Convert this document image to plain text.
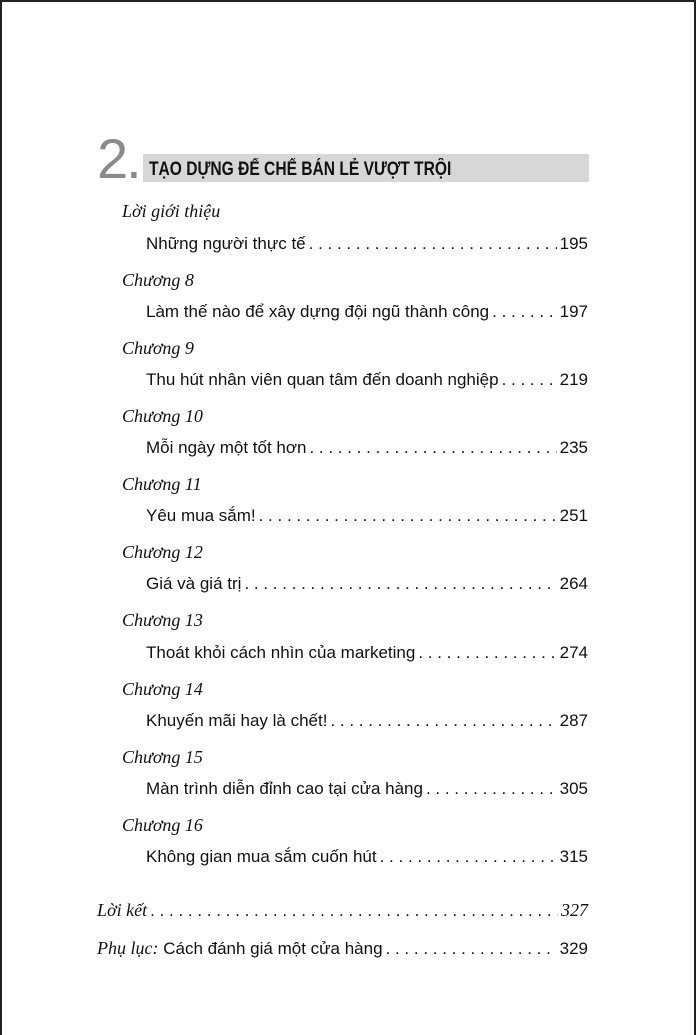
2. TẠO DỰNG ĐẾ CHẾ BÁN LẺ VƯỢT TRỘI
Lời giới thiệu
Những người thực tế . . .	195
Chương 8
Làm thế nào để xây dựng đội ngũ thành công . . .	197
Chương 9
Thu hút nhân viên quan tâm đến doanh nghiệp . . .	219
Chương 10
Mỗi ngày một tốt hơn . . .	235
Chương 11
Yêu mua sắm! . . .	251
Chương 12
Giá và giá trị . . .	264
Chương 13
Thoát khỏi cách nhìn của marketing . . .	274
Chương 14
Khuyến mãi hay là chết! . . .	287
Chương 15
Màn trình diễn đỉnh cao tại cửa hàng . . .	305
Chương 16
Không gian mua sắm cuốn hút . . .	315
Lời kết . . .	327
Phụ lục: Cách đánh giá một cửa hàng . . .	329
